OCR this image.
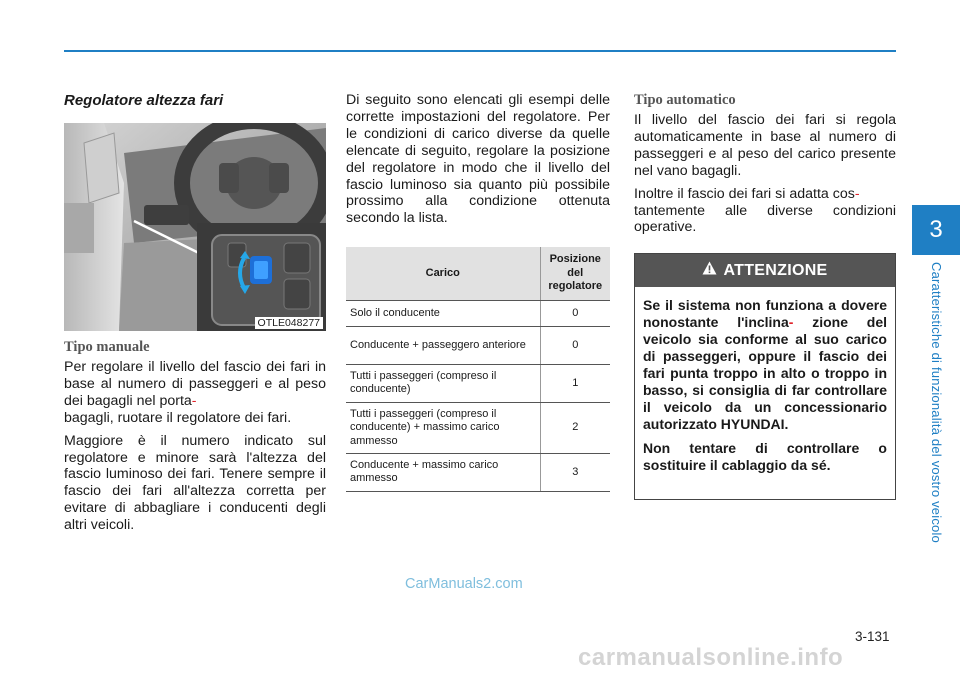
3
Caratteristiche di funzionalità del vostro veicolo
Regolatore altezza fari
OTLE048277
Tipo manuale

Per regolare il livello del fascio dei fari in base al numero di passeggeri e al peso dei bagagli nel porta-
bagagli, ruotare il regolatore dei fari.

Maggiore è il numero indicato sul regolatore e minore sarà l'altezza del fascio luminoso dei fari. Tenere sempre il fascio dei fari all'altezza corretta per evitare di abbagliare i conducenti degli altri veicoli.

Di seguito sono elencati gli esempi delle corrette impostazioni del regolatore. Per le condizioni di carico diverse da quelle elencate di seguito, regolare la posizione del regolatore in modo che il livello del fascio luminoso sia quanto più possibile prossimo alla condizione ottenuta secondo la lista.

Carico	Posizione del regolatore
Solo il conducente	0
Conducente + passeggero anteriore	0
Tutti i passeggeri (compreso il conducente)	1
Tutti i passeggeri (compreso il conducente) + massimo carico ammesso	2
Conducente + massimo carico ammesso	3
Tipo automatico

Il livello del fascio dei fari si regola automaticamente in base al numero di passeggeri e al peso del carico presente nel vano bagagli.

Inoltre il fascio dei fari si adatta cos-
tantemente alle diverse condizioni operative.

ATTENZIONE

Se il sistema non funziona a dovere nonostante l'inclina- zione del veicolo sia conforme al suo carico di passeggeri, oppure il fascio dei fari punta troppo in alto o troppo in basso, si consiglia di far controllare il veicolo da un concessionario autorizzato HYUNDAI.

Non tentare di controllare o sostituire il cablaggio da sé.

3-131
CarManuals2.com
carmanualsonline.info
